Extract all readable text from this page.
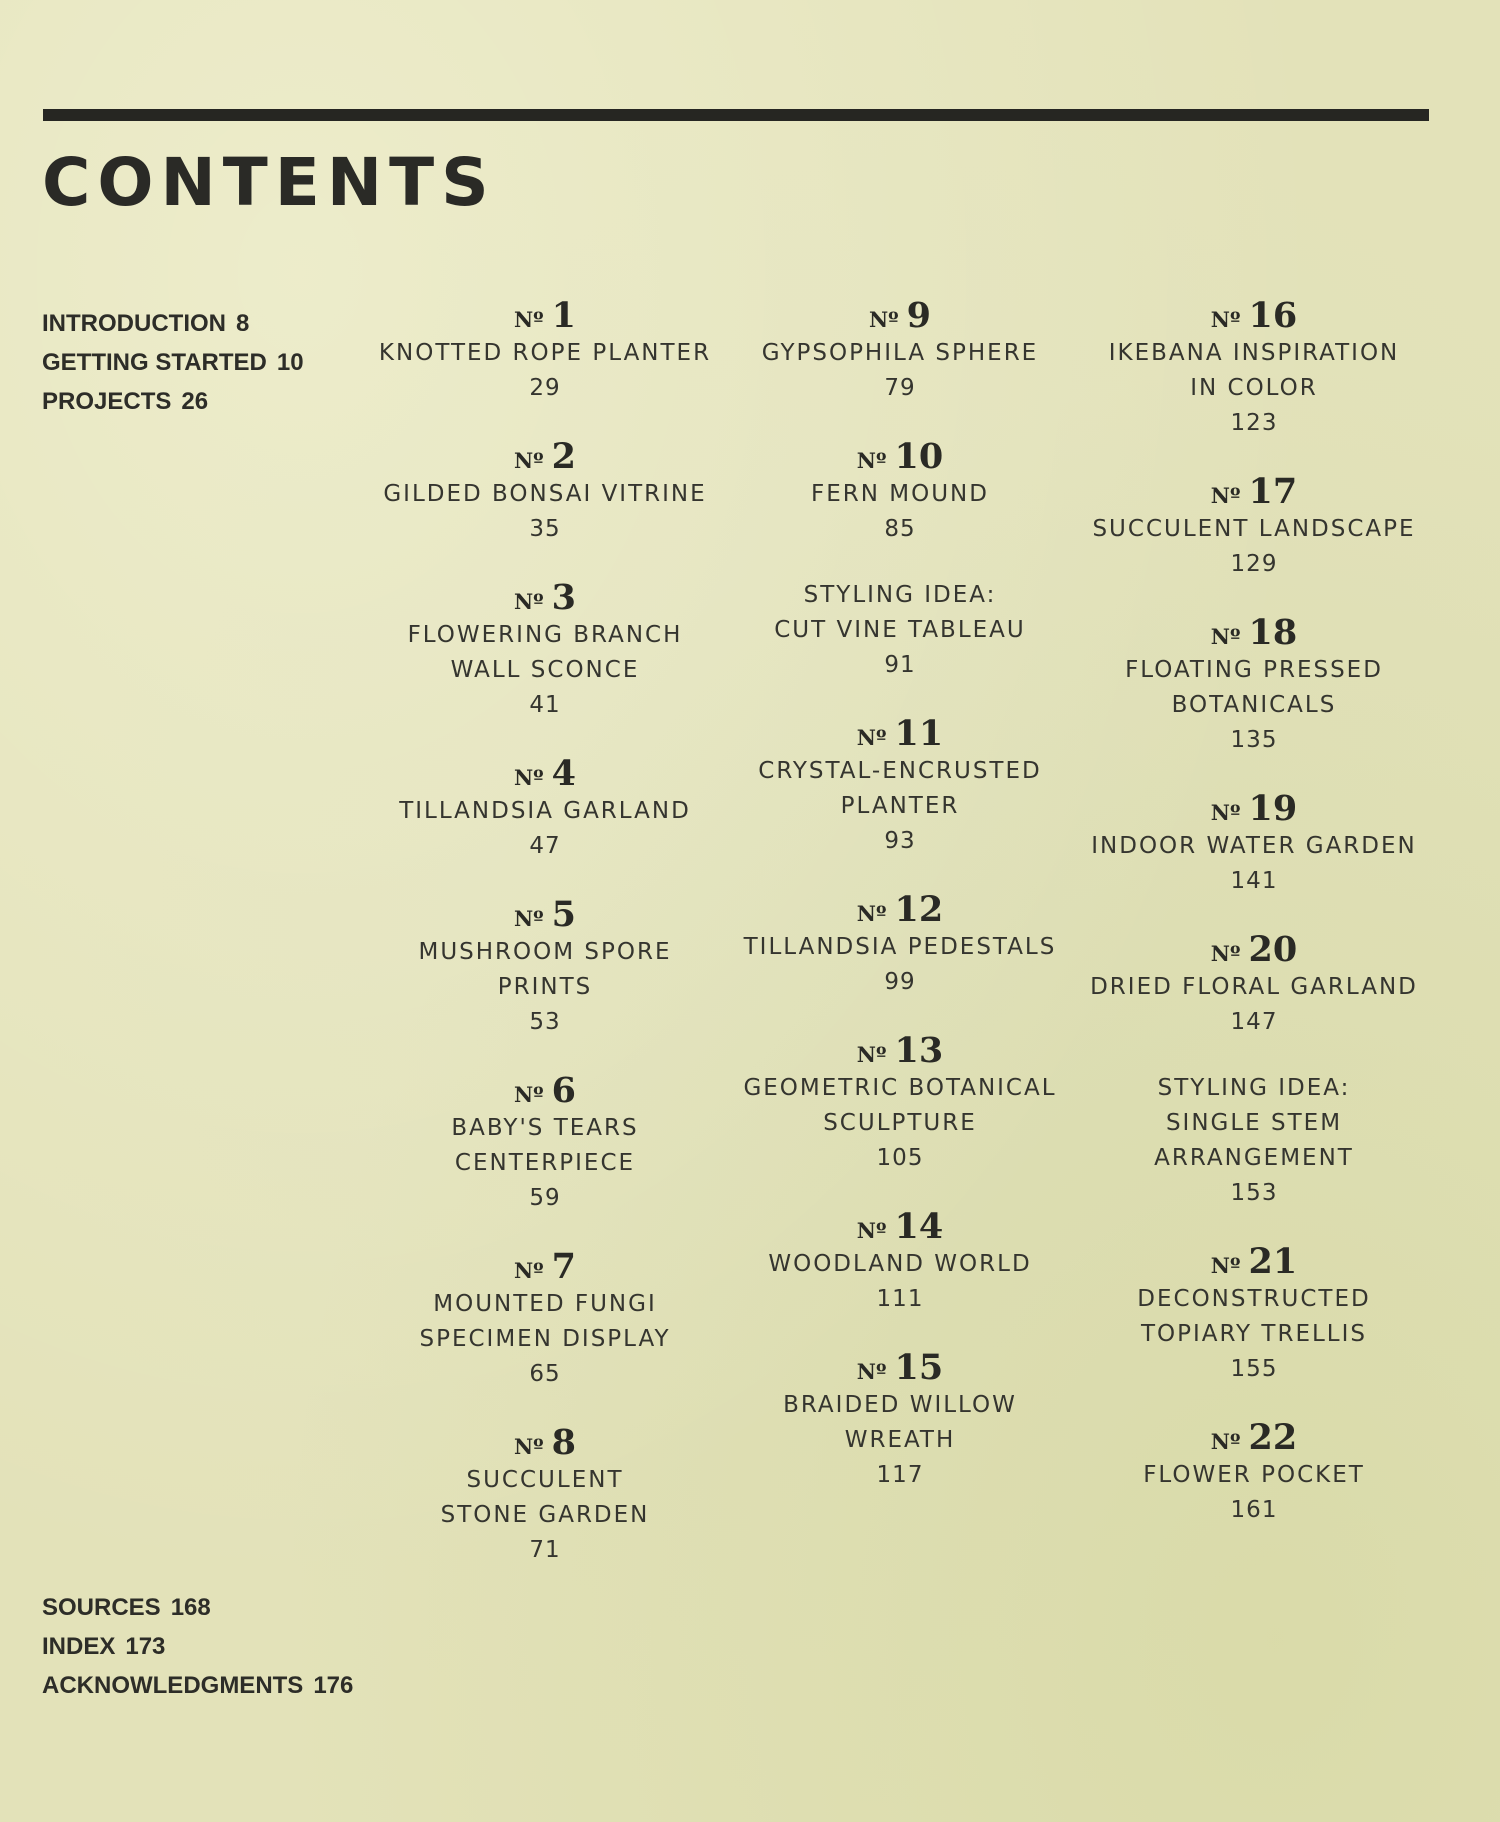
CONTENTS
INTRODUCTION 8
GETTING STARTED 10
PROJECTS 26
Nº 1
KNOTTED ROPE PLANTER
29
Nº 2
GILDED BONSAI VITRINE
35
Nº 3
FLOWERING BRANCH
WALL SCONCE
41
Nº 4
TILLANDSIA GARLAND
47
Nº 5
MUSHROOM SPORE
PRINTS
53
Nº 6
BABY'S TEARS
CENTERPIECE
59
Nº 7
MOUNTED FUNGI
SPECIMEN DISPLAY
65
Nº 8
SUCCULENT
STONE GARDEN
71
Nº 9
GYPSOPHILA SPHERE
79
Nº 10
FERN MOUND
85
STYLING IDEA:
CUT VINE TABLEAU
91
Nº 11
CRYSTAL-ENCRUSTED
PLANTER
93
Nº 12
TILLANDSIA PEDESTALS
99
Nº 13
GEOMETRIC BOTANICAL
SCULPTURE
105
Nº 14
WOODLAND WORLD
111
Nº 15
BRAIDED WILLOW
WREATH
117
Nº 16
IKEBANA INSPIRATION
IN COLOR
123
Nº 17
SUCCULENT LANDSCAPE
129
Nº 18
FLOATING PRESSED
BOTANICALS
135
Nº 19
INDOOR WATER GARDEN
141
Nº 20
DRIED FLORAL GARLAND
147
STYLING IDEA:
SINGLE STEM
ARRANGEMENT
153
Nº 21
DECONSTRUCTED
TOPIARY TRELLIS
155
Nº 22
FLOWER POCKET
161
SOURCES 168
INDEX 173
ACKNOWLEDGMENTS 176
